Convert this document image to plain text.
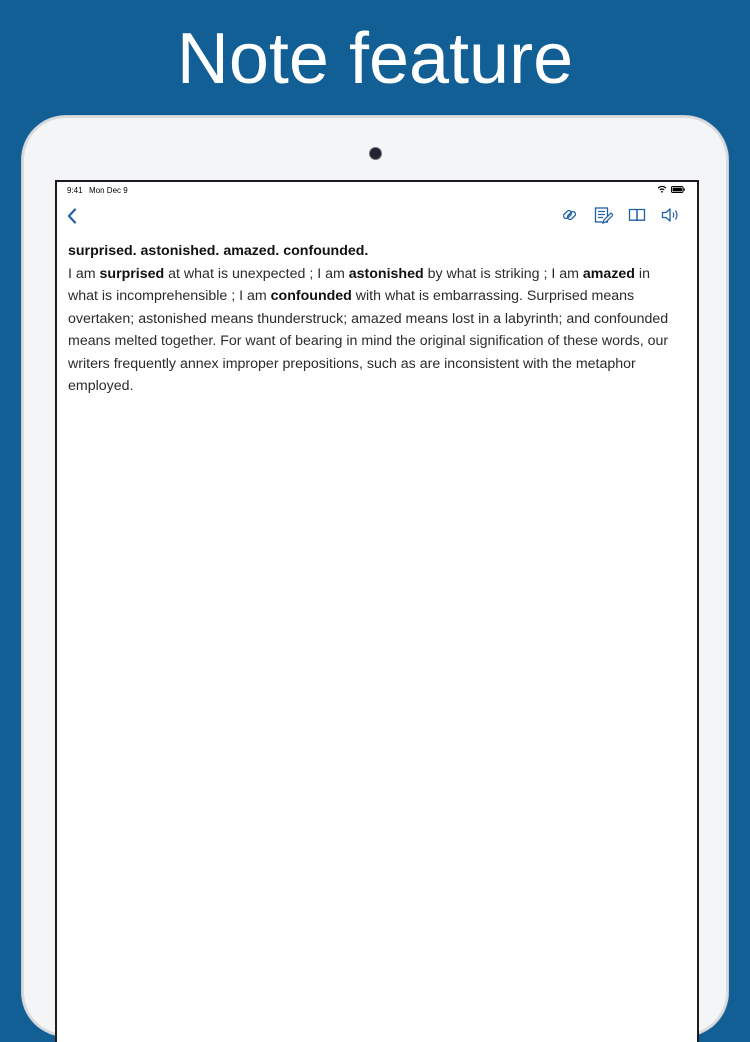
Note feature
9:41 Mon Dec 9
surprised. astonished. amazed. confounded.
I am surprised at what is unexpected ; I am astonished by what is striking ; I am amazed in what is incomprehensible ; I am confounded with what is embarrassing. Surprised means overtaken; astonished means thunderstruck; amazed means lost in a labyrinth; and confounded means melted together. For want of bearing in mind the original signification of these words, our writers frequently annex improper prepositions, such as are inconsistent with the metaphor employed.
